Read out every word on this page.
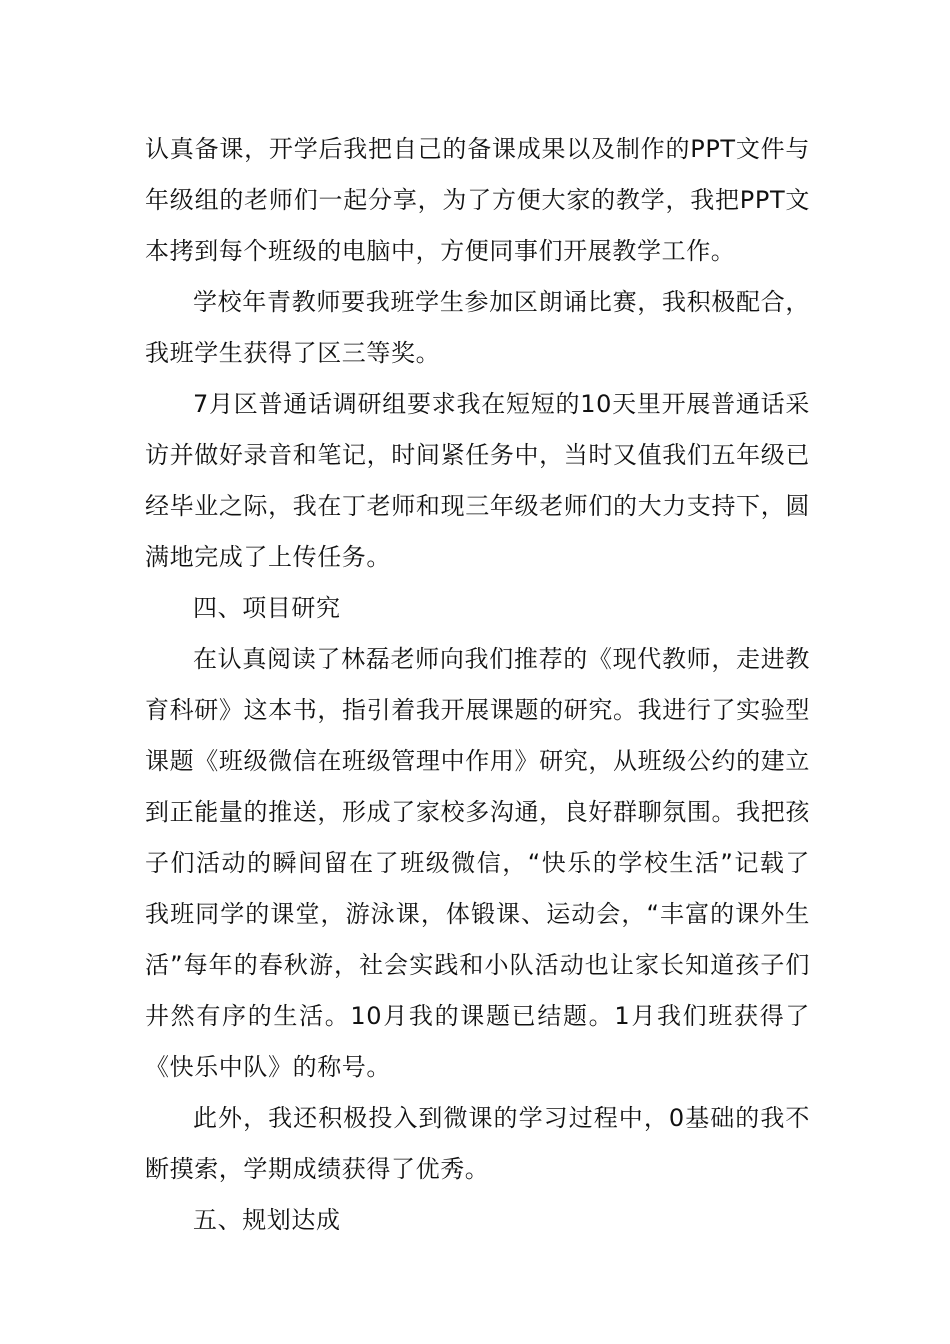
认真备课，开学后我把自己的备课成果以及制作的PPT文件与年级组的老师们一起分享，为了方便大家的教学，我把PPT文本拷到每个班级的电脑中，方便同事们开展教学工作。

学校年青教师要我班学生参加区朗诵比赛，我积极配合，我班学生获得了区三等奖。

7月区普通话调研组要求我在短短的10天里开展普通话采访并做好录音和笔记，时间紧任务中，当时又值我们五年级已经毕业之际，我在丁老师和现三年级老师们的大力支持下，圆满地完成了上传任务。

四、项目研究

在认真阅读了林磊老师向我们推荐的《现代教师，走进教育科研》这本书，指引着我开展课题的研究。我进行了实验型课题《班级微信在班级管理中作用》研究，从班级公约的建立到正能量的推送，形成了家校多沟通，良好群聊氛围。我把孩子们活动的瞬间留在了班级微信，“快乐的学校生活”记载了我班同学的课堂，游泳课，体锻课、运动会，“丰富的课外生活”每年的春秋游，社会实践和小队活动也让家长知道孩子们井然有序的生活。10月我的课题已结题。1月我们班获得了《快乐中队》的称号。

此外，我还积极投入到微课的学习过程中，0基础的我不断摸索，学期成绩获得了优秀。

五、规划达成
